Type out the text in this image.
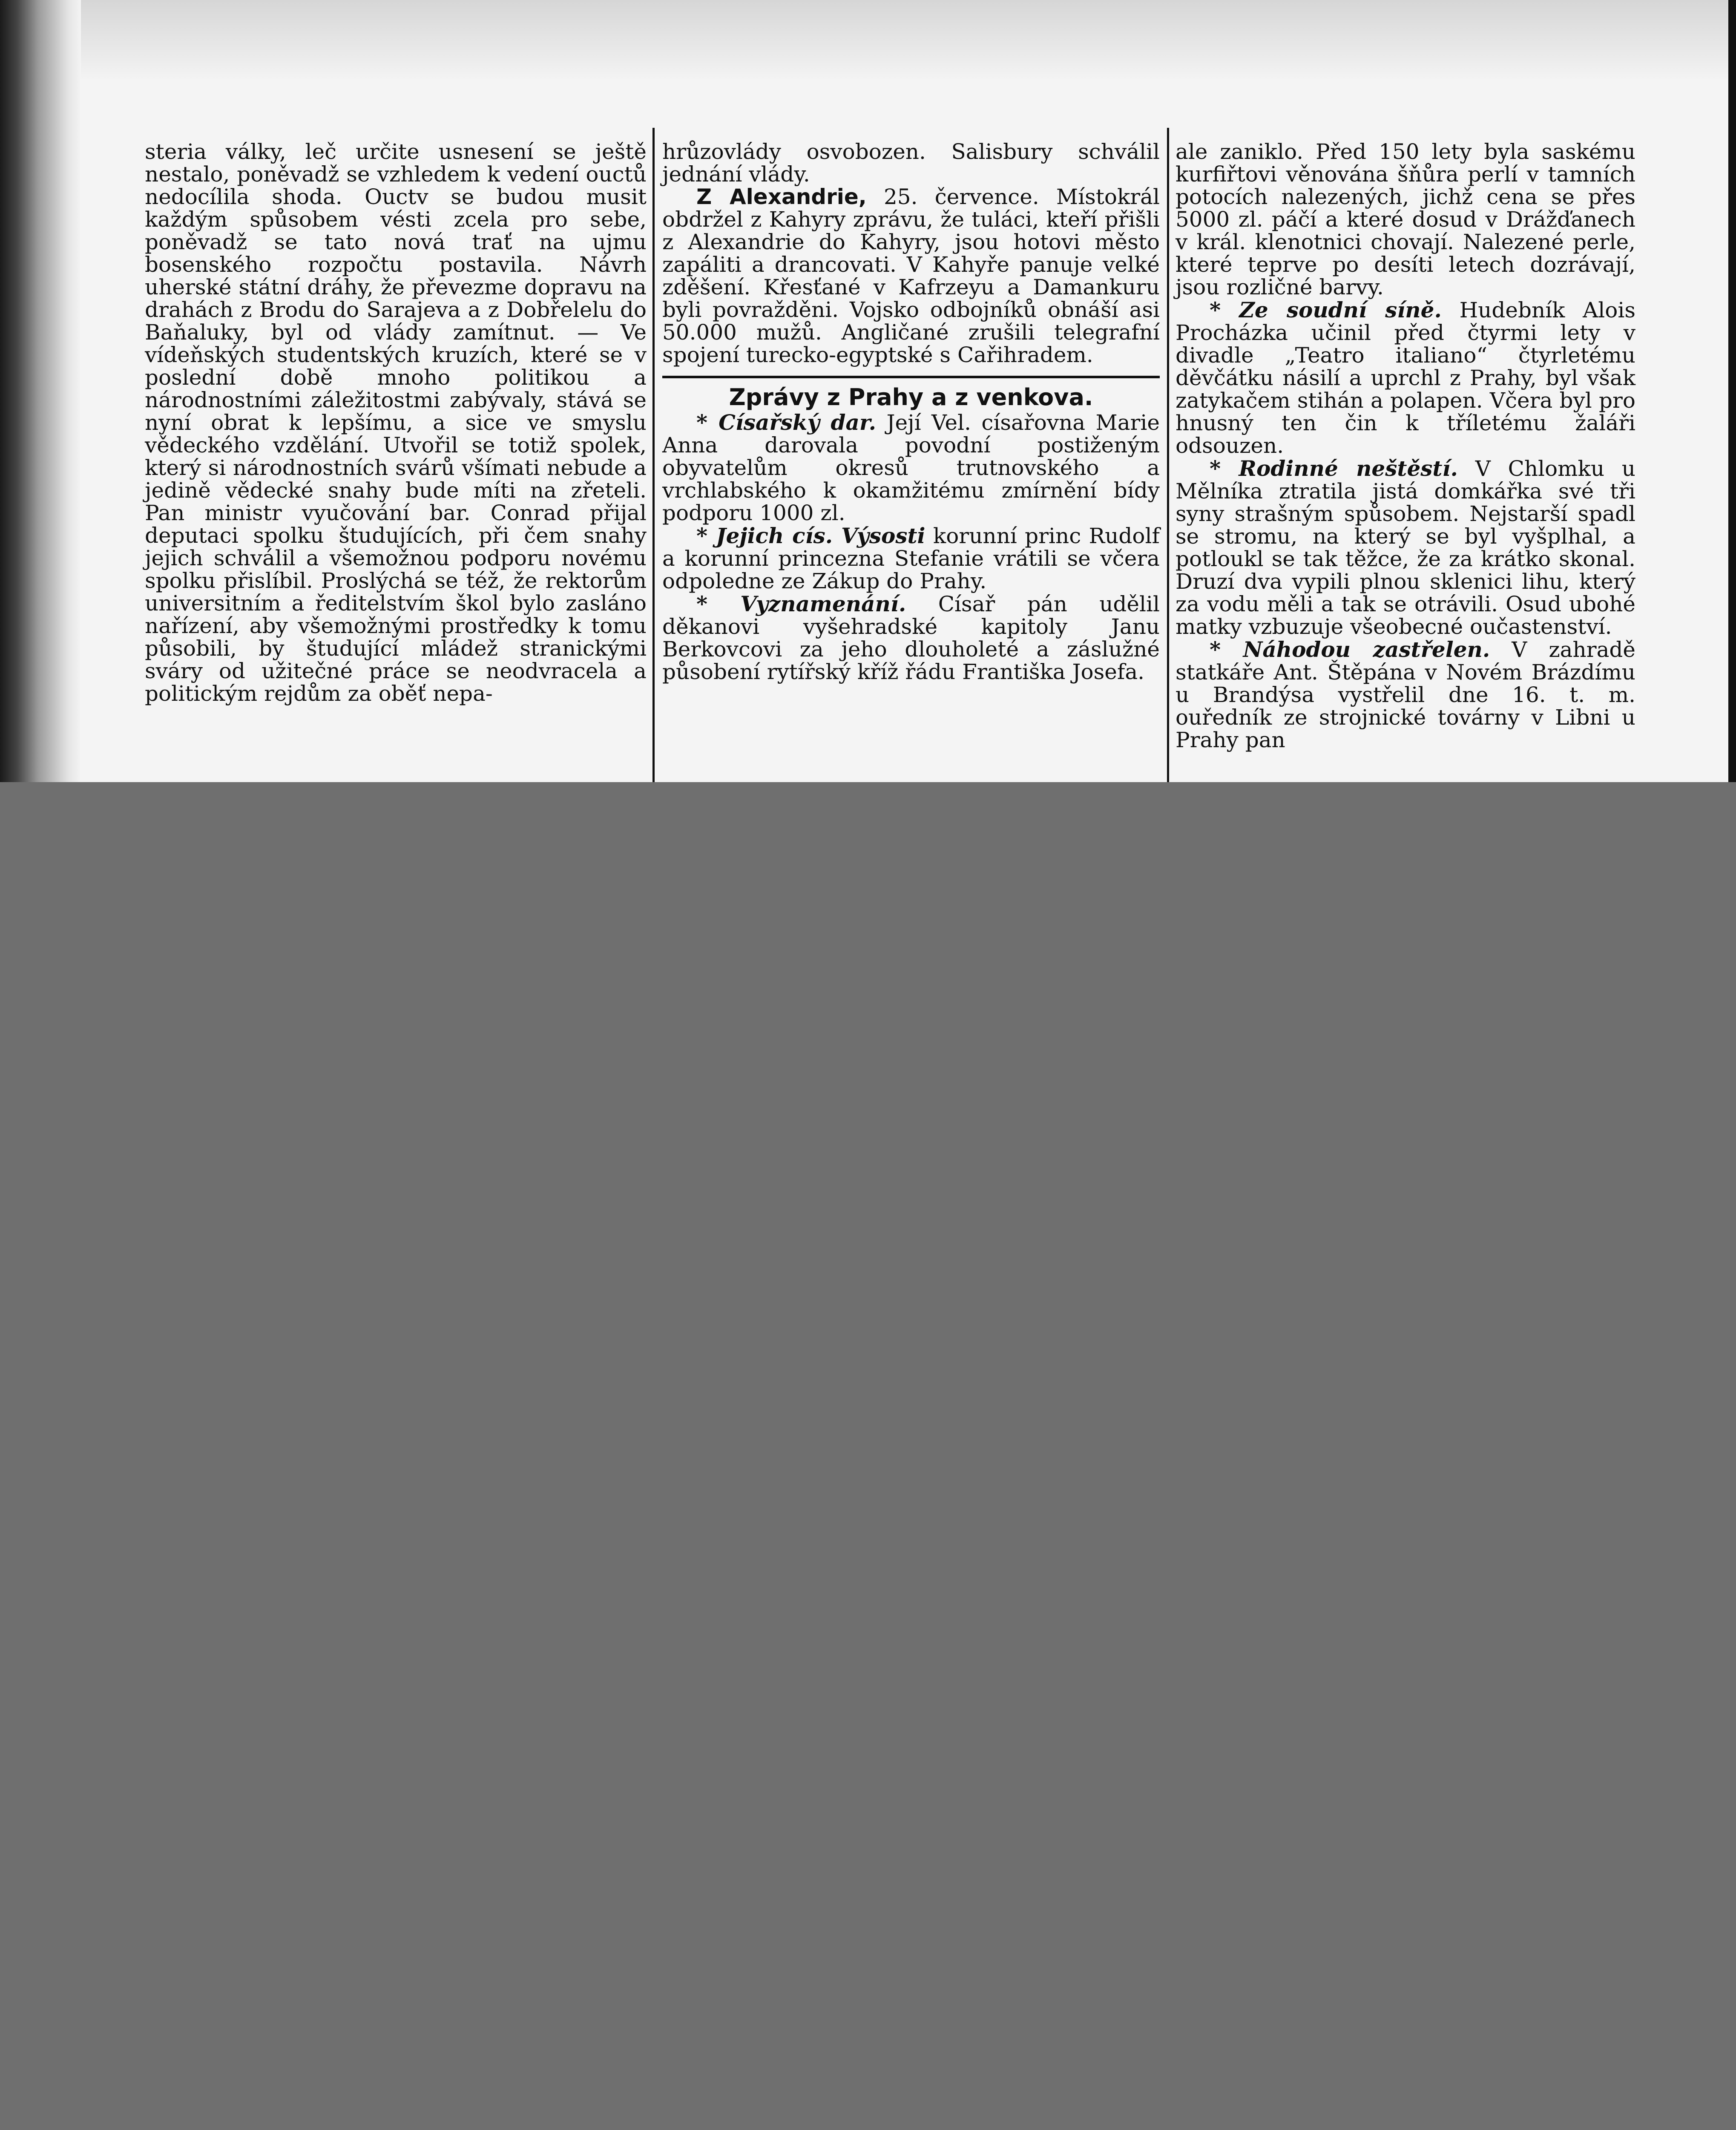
steria války, leč určite usnesení se ještě nestalo, poněvadž se vzhledem k vedení ouctů nedocílila shoda. Ouctv se budou musit každým spůsobem vésti zcela pro sebe, poněvadž se tato nová trať na ujmu bosenského rozpočtu postavila. Návrh uherské státní dráhy, že převezme dopravu na drahách z Brodu do Sarajeva a z Dobřelelu do Baňaluky, byl od vlády zamítnut. — Ve vídeňských studentských kruzích, které se v poslední době mnoho politikou a národnostními záležitostmi zabývaly, stává se nyní obrat k lepšímu, a sice ve smyslu vědeckého vzdělání. Utvořil se totiž spolek, který si národnostních svárů všímati nebude a jedině vědecké snahy bude míti na zřeteli. Pan ministr vyučování bar. Conrad přijal deputaci spolku študujících, při čem snahy jejich schválil a všemožnou podporu novému spolku přislíbil. Proslýchá se též, že rektorům universitním a ředitelstvím škol bylo zasláno nařízení, aby všemožnými prostředky k tomu působili, by študující mládež stranickými sváry od užitečné práce se neodvracela a politickým rejdům za oběť nepa-

hrůzovlády osvobozen. Salisbury schválil jednání vlády.

Z Alexandrie, 25. července. Místokrál obdržel z Kahyry zprávu, že tuláci, kteří přišli z Alexandrie do Kahyry, jsou hotovi město zapáliti a drancovati. V Kahyře panuje velké zděšení. Křesťané v Kafrzeyu a Damankuru byli povražděni. Vojsko odbojníků obnáší asi 50.000 mužů. Angličané zrušili telegrafní spojení turecko-egyptské s Cařihradem.

Zprávy z Prahy a z venkova.

* Císařský dar. Její Vel. císařovna Marie Anna darovala povodní postiženým obyvatelům okresů trutnovského a vrchlabského k okamžitému zmírnění bídy podporu 1000 zl.

* Jejich cís. Výsosti korunní princ Rudolf a korunní princezna Stefanie vrátili se včera odpoledne ze Zákup do Prahy.

* Vyznamenání. Císař pán udělil děkanovi vyšehradské kapitoly Janu Berkovcovi za jeho dlouholeté a záslužné působení rytířský kříž řádu Františka Josefa.

ale zaniklo. Před 150 lety byla saskému kurfiřtovi věnována šňůra perlí v tamních potocích nalezených, jichž cena se přes 5000 zl. páčí a které dosud v Drážďanech v král. klenotnici chovají. Nalezené perle, které teprve po desíti letech dozrávají, jsou rozličné barvy.

* Ze soudní síně. Hudebník Alois Procházka učinil před čtyrmi lety v divadle „Teatro italiano“ čtyrletému děvčátku násilí a uprchl z Prahy, byl však zatykačem stihán a polapen. Včera byl pro hnusný ten čin k tříletému žaláři odsouzen.

* Rodinné neštěstí. V Chlomku u Mělníka ztratila jistá domkářka své tři syny strašným spůsobem. Nejstarší spadl se stromu, na který se byl vyšplhal, a potloukl se tak těžce, že za krátko skonal. Druzí dva vypili plnou sklenici lihu, který za vodu měli a tak se otrávili. Osud ubohé matky vzbuzuje všeobecné oučastenství.

* Náhodou zastřelen. V zahradě statkáře Ant. Štěpána v Novém Brázdímu u Brandýsa vystřelil dne 16. t. m. ouředník ze strojnické továrny v Libni u Prahy pan
